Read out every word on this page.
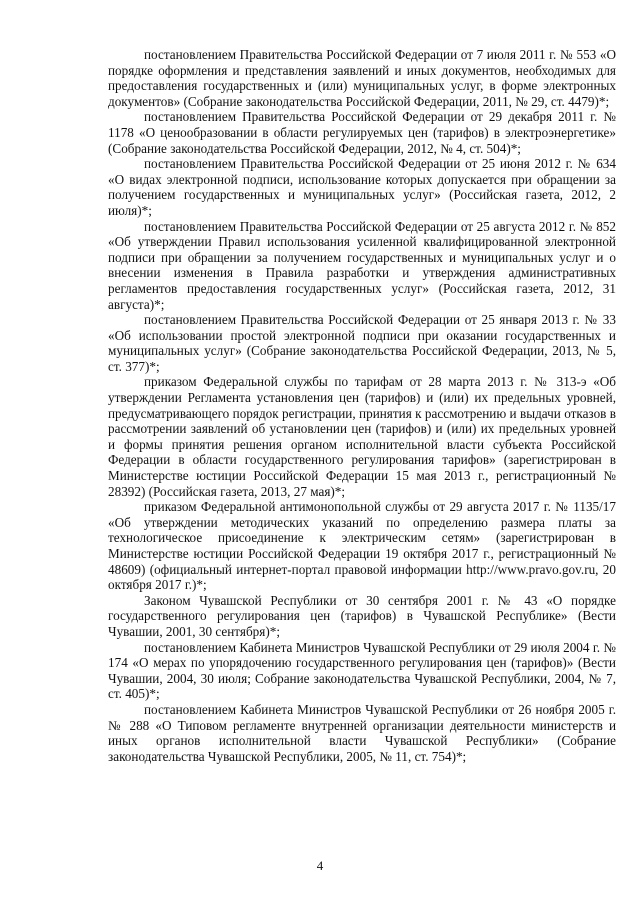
постановлением Правительства Российской Федерации от 7 июля 2011 г. № 553 «О порядке оформления и представления заявлений и иных документов, необходимых для предоставления государственных и (или) муниципальных услуг, в форме электронных документов» (Собрание законодательства Российской Федерации, 2011, № 29, ст. 4479)*;

постановлением Правительства Российской Федерации от 29 декабря 2011 г. № 1178 «О ценообразовании в области регулируемых цен (тарифов) в электроэнергетике» (Собрание законодательства Российской Федерации, 2012, № 4, ст. 504)*;

постановлением Правительства Российской Федерации от 25 июня 2012 г. № 634 «О видах электронной подписи, использование которых допускается при обращении за получением государственных и муниципальных услуг» (Российская газета, 2012, 2 июля)*;

постановлением Правительства Российской Федерации от 25 августа 2012 г. № 852 «Об утверждении Правил использования усиленной квалифицированной электронной подписи при обращении за получением государственных и муниципальных услуг и о внесении изменения в Правила разработки и утверждения административных регламентов предоставления государственных услуг» (Российская газета, 2012, 31 августа)*;

постановлением Правительства Российской Федерации от 25 января 2013 г. № 33 «Об использовании простой электронной подписи при оказании государственных и муниципальных услуг» (Собрание законодательства Российской Федерации, 2013, № 5, ст. 377)*;

приказом Федеральной службы по тарифам от 28 марта 2013 г. № 313-э «Об утверждении Регламента установления цен (тарифов) и (или) их предельных уровней, предусматривающего порядок регистрации, принятия к рассмотрению и выдачи отказов в рассмотрении заявлений об установлении цен (тарифов) и (или) их предельных уровней и формы принятия решения органом исполнительной власти субъекта Российской Федерации в области государственного регулирования тарифов» (зарегистрирован в Министерстве юстиции Российской Федерации 15 мая 2013 г., регистрационный № 28392) (Российская газета, 2013, 27 мая)*;

приказом Федеральной антимонопольной службы от 29 августа 2017 г. № 1135/17 «Об утверждении методических указаний по определению размера платы за технологическое присоединение к электрическим сетям» (зарегистрирован в Министерстве юстиции Российской Федерации 19 октября 2017 г., регистрационный № 48609) (официальный интернет-портал правовой информации http://www.pravo.gov.ru, 20 октября 2017 г.)*;

Законом Чувашской Республики от 30 сентября 2001 г. № 43 «О порядке государственного регулирования цен (тарифов) в Чувашской Республике» (Вести Чувашии, 2001, 30 сентября)*;

постановлением Кабинета Министров Чувашской Республики от 29 июля 2004 г. № 174 «О мерах по упорядочению государственного регулирования цен (тарифов)» (Вести Чувашии, 2004, 30 июля; Собрание законодательства Чувашской Республики, 2004, № 7, ст. 405)*;

постановлением Кабинета Министров Чувашской Республики от 26 ноября 2005 г. № 288 «О Типовом регламенте внутренней организации деятельности министерств и иных органов исполнительной власти Чувашской Республики» (Собрание законодательства Чувашской Республики, 2005, № 11, ст. 754)*;

4
